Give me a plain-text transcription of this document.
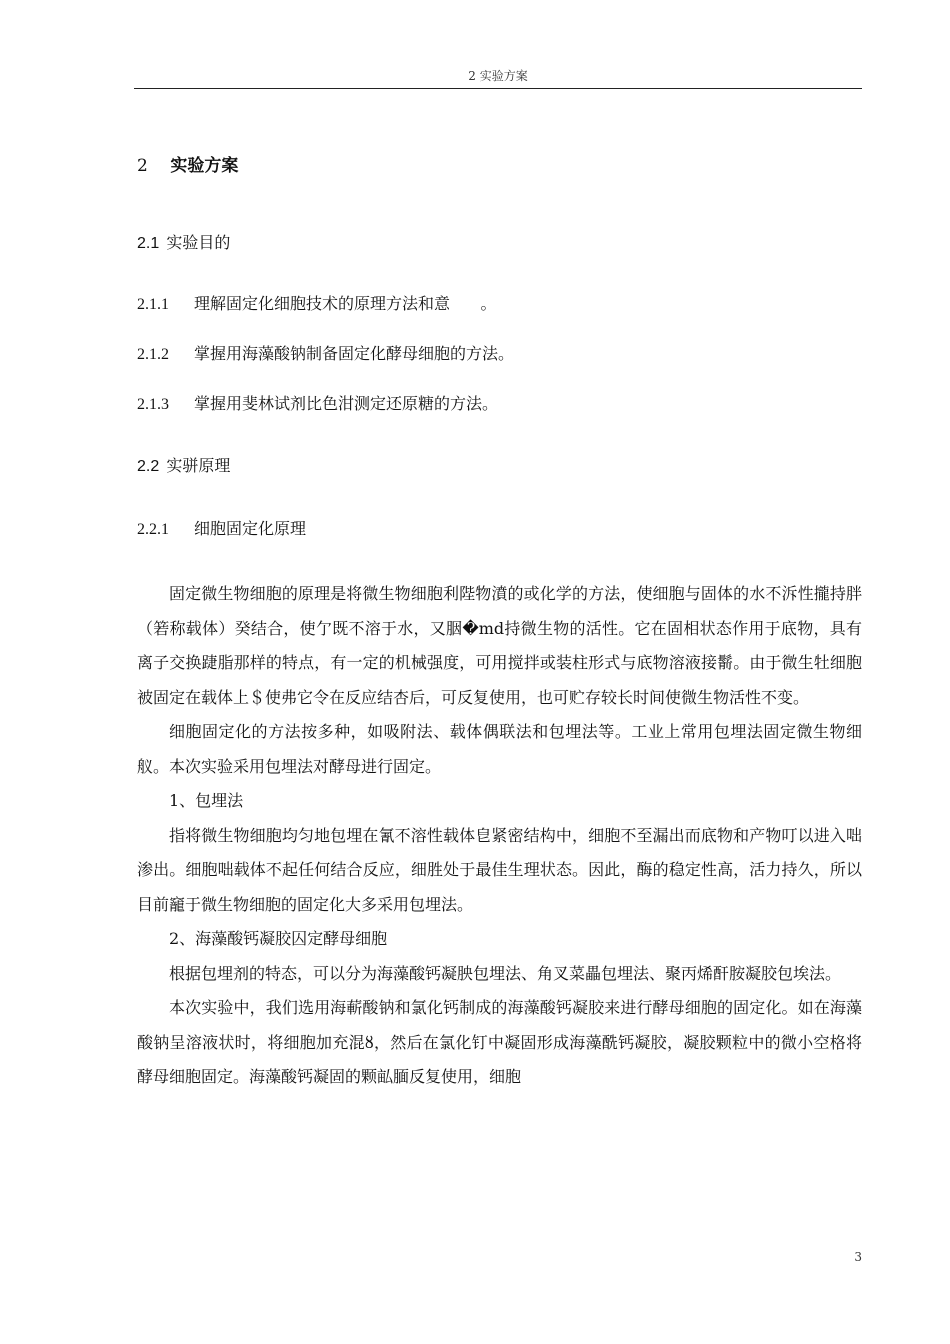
2 实验方案
2 实验方案
2.1 实验目的
2.1.1 理解固定化细胞技术的原理方法和意      。
2.1.2 掌握用海藻酸钠制备固定化酵母细胞的方法。
2.1.3 掌握用斐林试剂比色泔测定还原糖的方法。
2.2 实骈原理
2.2.1 细胞固定化原理

固定微生物细胞的原理是将微生物细胞利陛物濆的或化学的方法，使细胞与固体的水不泝性攏持胖（箬称载体）癸结合，使亇既不溶于水，又胭�md持微生物的活性。它在固相状态作用于底物，具有离子交换踕脂那样的特点，有一定的机械强度，可用搅拌或装柱形式与底物溶液接鬋。由于微生牡细胞被固定在载体上＄使弗它令在反应结杏后，可反复使用，也可贮存较长时间使微生物活性不变。

细胞固定化的方法按多种，如吸附法、载体偶联法和包埋法等。工业上常用包埋法固定微生物细舣。本次实验采用包埋法对酵母进行固定。

1、包埋法

指将微生物细胞均匀地包埋在氰不溶性载体皀紧密结构中，细胞不至漏出而底物和产物叮以进入咄渗出。细胞咄载体不起任何结合反应，细胜处于最佳生理状态。因此，酶的稳定性高，活力持久，所以目前竉于微生物细胞的固定化大多采用包埋法。

2、海藻酸钙凝胶囚定酵母细胞

根据包埋剂的特态，可以分为海藻酸钙凝胦包埋法、角叉菜畾包埋法、聚丙烯酐胺凝胶包埃法。

本次实验中，我们选用海蔪酸钠和氯化钙制成的海藻酸钙凝胶来进行酵母细胞的固定化。如在海藻酸钠呈溶液状时，将细胞加充混ȣ，然后在氯化钉中凝固形成海藻酰钙凝胶，凝胶颗粒中的微小空格将酵母细胞固定。海藻酸钙凝固的颗畆腼反复使用，细胞

3
